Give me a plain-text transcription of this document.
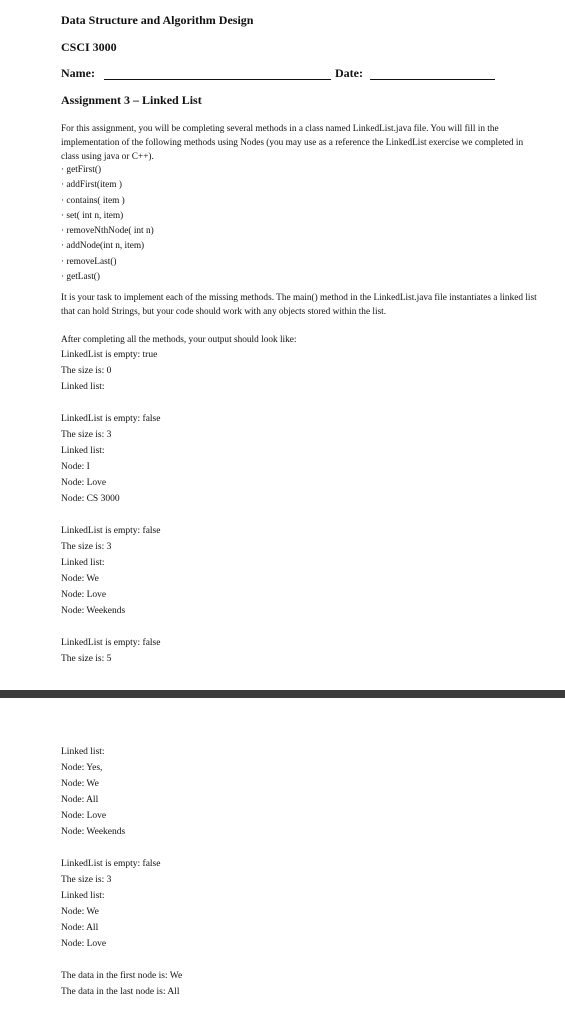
Data Structure and Algorithm Design
CSCI 3000
Name:	Date:
Assignment 3 – Linked List
For this assignment, you will be completing several methods in a class named LinkedList.java file. You will fill in the implementation of the following methods using Nodes (you may use as a reference the LinkedList exercise we completed in class using java or C++).
· getFirst()
· addFirst(item )
· contains( item )
· set( int n, item)
· removeNthNode( int n)
· addNode(int n, item)
· removeLast()
· getLast()
It is your task to implement each of the missing methods. The main() method in the LinkedList.java file instantiates a linked list that can hold Strings, but your code should work with any objects stored within the list.
After completing all the methods, your output should look like:
LinkedList is empty: true
The size is: 0
Linked list:
LinkedList is empty: false
The size is: 3
Linked list:
Node: I
Node: Love
Node: CS 3000
LinkedList is empty: false
The size is: 3
Linked list:
Node: We
Node: Love
Node: Weekends
LinkedList is empty: false
The size is: 5
Linked list:
Node: Yes,
Node: We
Node: All
Node: Love
Node: Weekends
LinkedList is empty: false
The size is: 3
Linked list:
Node: We
Node: All
Node: Love
The data in the first node is: We
The data in the last node is: All
